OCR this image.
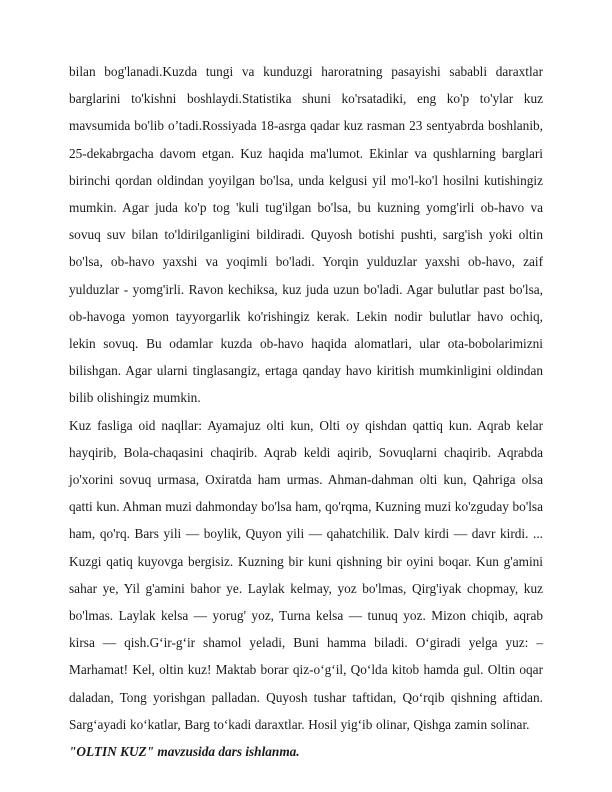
bilan bog'lanadi.Kuzda tungi va kunduzgi haroratning pasayishi sababli daraxtlar barglarini to'kishni boshlaydi.Statistika shuni ko'rsatadiki, eng ko'p to'ylar kuz mavsumida bo'lib o’tadi.Rossiyada 18-asrga qadar kuz rasman 23 sentyabrda boshlanib, 25-dekabrgacha davom etgan. Kuz haqida ma'lumot. Ekinlar va qushlarning barglari birinchi qordan oldindan yoyilgan bo'lsa, unda kelgusi yil mo'l-ko'l hosilni kutishingiz mumkin. Agar juda ko'p tog 'kuli tug'ilgan bo'lsa, bu kuzning yomg'irli ob-havo va sovuq suv bilan to'ldirilganligini bildiradi. Quyosh botishi pushti, sarg'ish yoki oltin bo'lsa, ob-havo yaxshi va yoqimli bo'ladi. Yorqin yulduzlar yaxshi ob-havo, zaif yulduzlar - yomg'irli. Ravon kechiksa, kuz juda uzun bo'ladi. Agar bulutlar past bo'lsa, ob-havoga yomon tayyorgarlik ko'rishingiz kerak. Lekin nodir bulutlar havo ochiq, lekin sovuq. Bu odamlar kuzda ob-havo haqida alomatlari, ular ota-bobolarimizni bilishgan. Agar ularni tinglasangiz, ertaga qanday havo kiritish mumkinligini oldindan bilib olishingiz mumkin.

Kuz fasliga oid naqllar: Ayamajuz olti kun, Olti oy qishdan qattiq kun. Aqrab kelar hayqirib, Bola-chaqasini chaqirib. Aqrab keldi aqirib, Sovuqlarni chaqirib. Aqrabda jo'xorini sovuq urmasa, Oxiratda ham urmas. Ahman-dahman olti kun, Qahriga olsa qatti kun. Ahman muzi dahmonday bo'lsa ham, qo'rqma, Kuzning muzi ko'zguday bo'lsa ham, qo'rq. Bars yili — boylik, Quyon yili — qahatchilik. Dalv kirdi — davr kirdi. ... Kuzgi qatiq kuyovga bergisiz. Kuzning bir kuni qishning bir oyini boqar. Kun g'amini sahar ye, Yil g'amini bahor ye. Laylak kelmay, yoz bo'lmas, Qirg'iyak chopmay, kuz bo'lmas. Laylak kelsa — yorug' yoz, Turna kelsa — tunuq yoz. Mizon chiqib, aqrab kirsa — qish.G‘ir-g‘ir shamol yeladi, Buni hamma biladi. O‘giradi yelga yuz: – Marhamat! Kel, oltin kuz! Maktab borar qiz-o‘g‘il, Qo‘lda kitob hamda gul. Oltin oqar daladan, Tong yorishgan palladan. Quyosh tushar taftidan, Qo‘rqib qishning aftidan. Sarg‘ayadi ko‘katlar, Barg to‘kadi daraxtlar. Hosil yig‘ib olinar, Qishga zamin solinar.

"OLTIN KUZ" mavzusida dars ishlanma.
